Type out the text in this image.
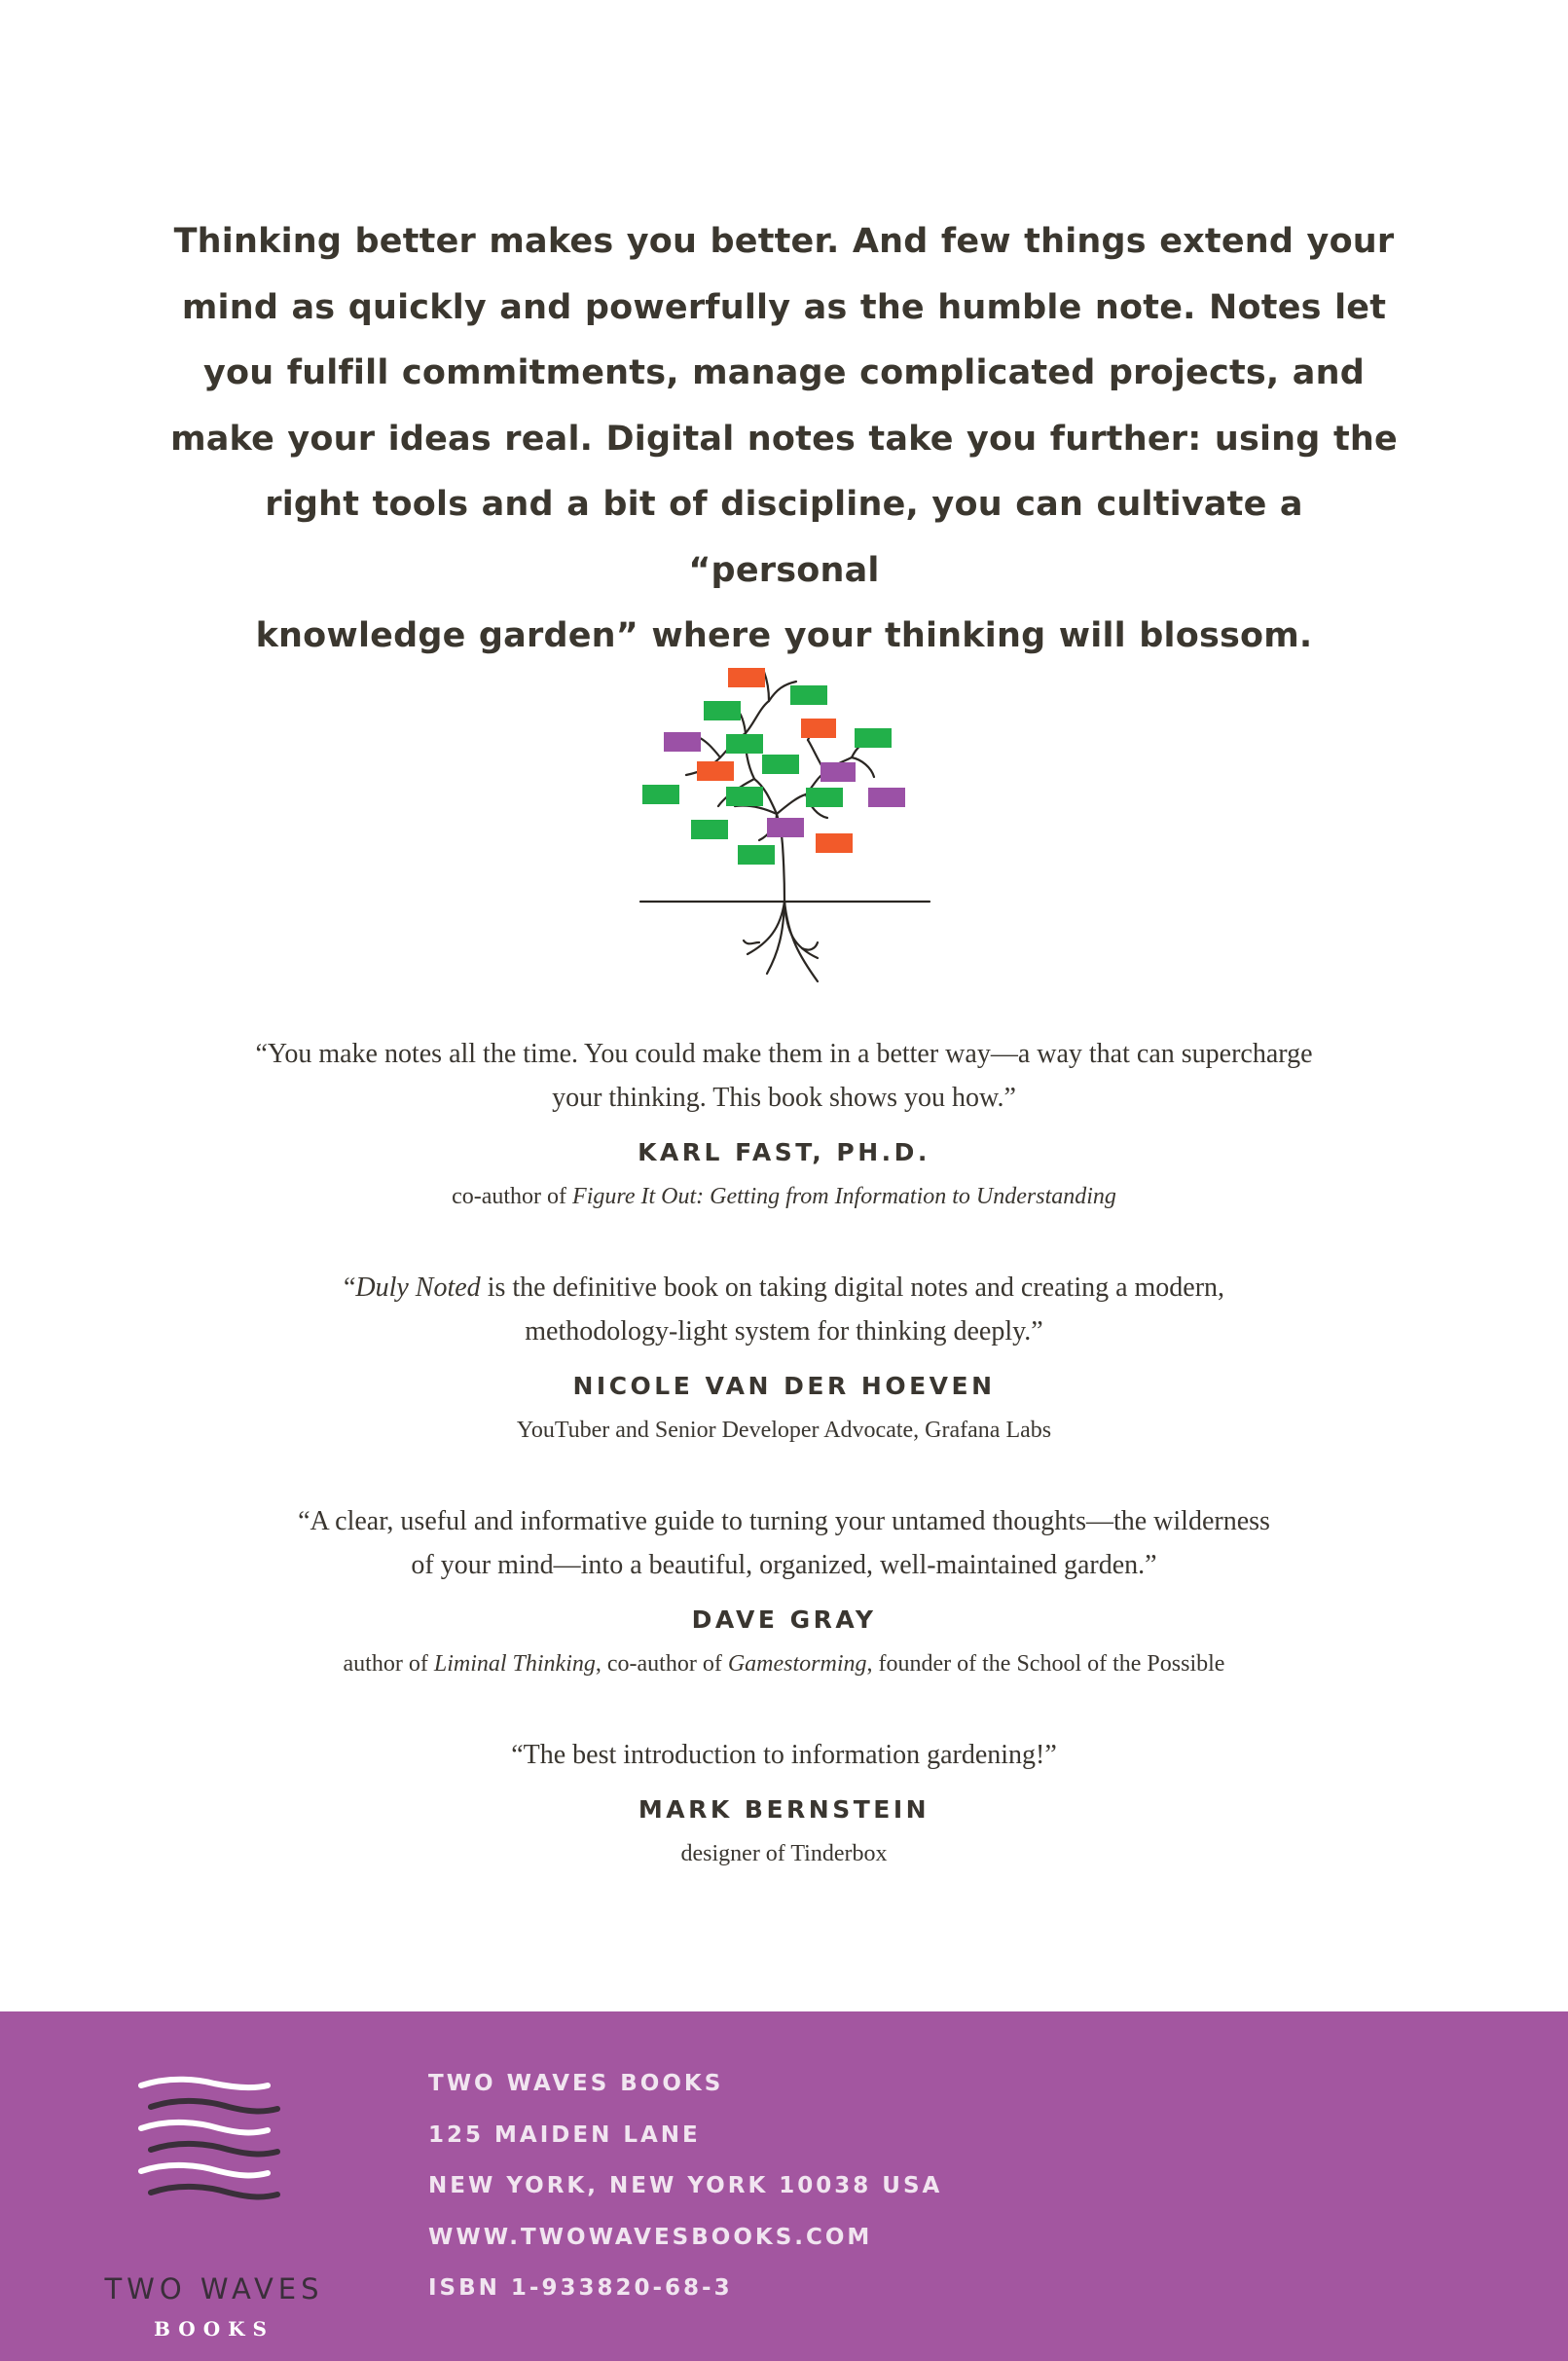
Thinking better makes you better. And few things extend your
mind as quickly and powerfully as the humble note. Notes let
you fulfill commitments, manage complicated projects, and
make your ideas real. Digital notes take you further: using the
right tools and a bit of discipline, you can cultivate a “personal
knowledge garden” where your thinking will blossom.
“You make notes all the time. You could make them in a better way—a way that can supercharge
your thinking. This book shows you how.”
KARL FAST, PH.D.
co-author of Figure It Out: Getting from Information to Understanding
“Duly Noted is the definitive book on taking digital notes and creating a modern,
methodology-light system for thinking deeply.”
NICOLE VAN DER HOEVEN
YouTuber and Senior Developer Advocate, Grafana Labs
“A clear, useful and informative guide to turning your untamed thoughts—the wilderness
of your mind—into a beautiful, organized, well-maintained garden.”
DAVE GRAY
author of Liminal Thinking, co-author of Gamestorming, founder of the School of the Possible
“The best introduction to information gardening!”
MARK BERNSTEIN
designer of Tinderbox
TWO WAVES
BOOKS
TWO WAVES BOOKS
125 MAIDEN LANE
NEW YORK, NEW YORK 10038 USA
WWW.TWOWAVESBOOKS.COM
ISBN 1-933820-68-3
